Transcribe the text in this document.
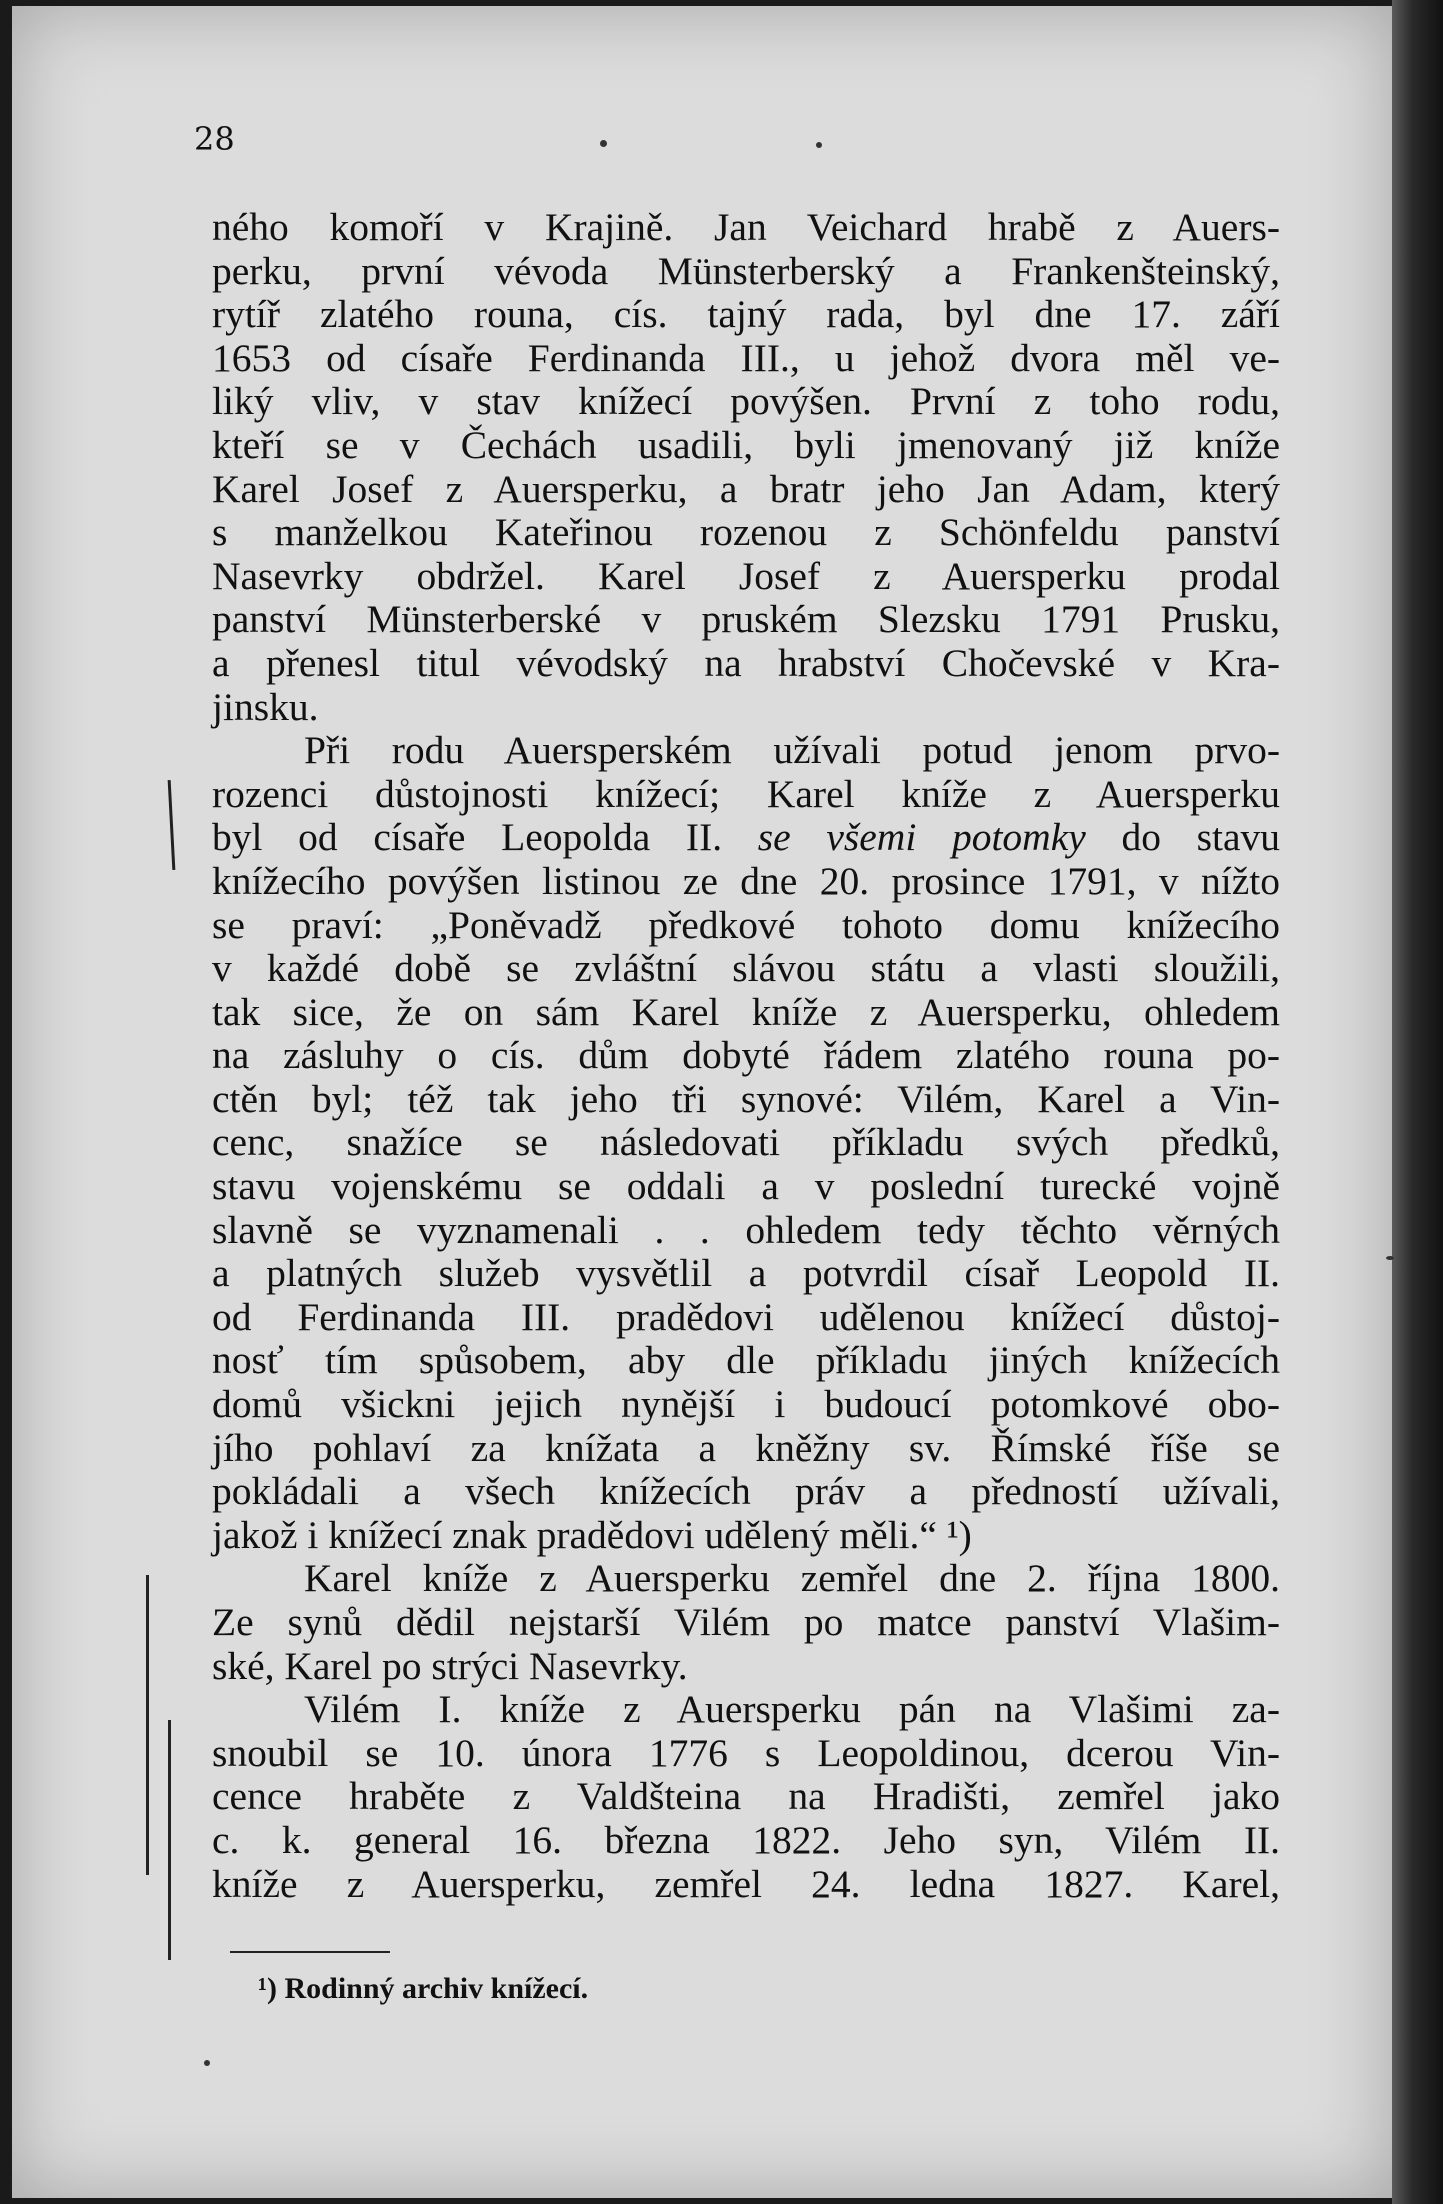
28
ného komoří v Krajině. Jan Veichard hrabě z Auers-
perku, první vévoda Münsterberský a Frankenšteinský,
rytíř zlatého rouna, cís. tajný rada, byl dne 17. září
1653 od císaře Ferdinanda III., u jehož dvora měl ve-
liký vliv, v stav knížecí povýšen. První z toho rodu,
kteří se v Čechách usadili, byli jmenovaný již kníže
Karel Josef z Auersperku, a bratr jeho Jan Adam, který
s manželkou Kateřinou rozenou z Schönfeldu panství
Nasevrky obdržel. Karel Josef z Auersperku prodal
panství Münsterberské v pruském Slezsku 1791 Prusku,
a přenesl titul vévodský na hrabství Chočevské v Kra-
jinsku.
Při rodu Auersperském užívali potud jenom prvo-
rozenci důstojnosti knížecí; Karel kníže z Auersperku
byl od císaře Leopolda II. se všemi potomky do stavu
knížecího povýšen listinou ze dne 20. prosince 1791, v nížto
se praví: „Poněvadž předkové tohoto domu knížecího
v každé době se zvláštní slávou státu a vlasti sloužili,
tak sice, že on sám Karel kníže z Auersperku, ohledem
na zásluhy o cís. dům dobyté řádem zlatého rouna po-
ctěn byl; též tak jeho tři synové: Vilém, Karel a Vin-
cenc, snažíce se následovati příkladu svých předků,
stavu vojenskému se oddali a v poslední turecké vojně
slavně se vyznamenali . . ohledem tedy těchto věrných
a platných služeb vysvětlil a potvrdil císař Leopold II.
od Ferdinanda III. pradědovi udělenou knížecí důstoj-
nosť tím spůsobem, aby dle příkladu jiných knížecích
domů všickni jejich nynější i budoucí potomkové obo-
jího pohlaví za knížata a kněžny sv. Římské říše se
pokládali a všech knížecích práv a předností užívali,
jakož i knížecí znak pradědovi udělený měli.“ ¹)
Karel kníže z Auersperku zemřel dne 2. října 1800.
Ze synů dědil nejstarší Vilém po matce panství Vlašim-
ské, Karel po strýci Nasevrky.
Vilém I. kníže z Auersperku pán na Vlašimi za-
snoubil se 10. února 1776 s Leopoldinou, dcerou Vin-
cence hraběte z Valdšteina na Hradišti, zemřel jako
c. k. general 16. března 1822. Jeho syn, Vilém II.
kníže z Auersperku, zemřel 24. ledna 1827. Karel,
¹) Rodinný archiv knížecí.
